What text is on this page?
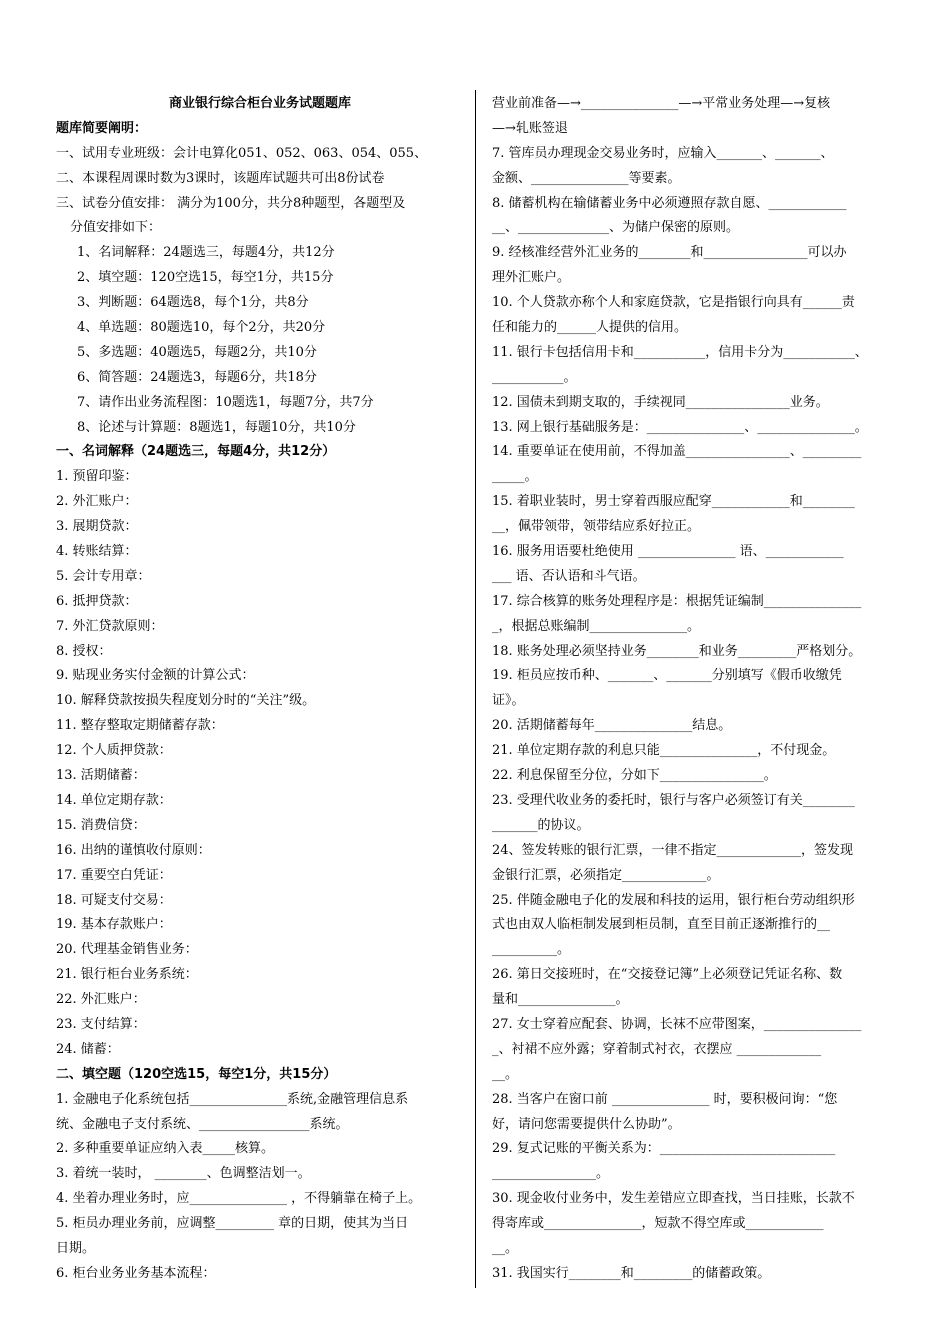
商业银行综合柜台业务试题题库
题库简要阐明：
一、试用专业班级：会计电算化051、052、063、054、055、
二、本课程周课时数为3课时，该题库试题共可出8份试卷
三、试卷分值安排： 满分为100分，共分8种题型，各题型及
分值安排如下：
1、名词解释：24题选三，每题4分，共12分
2、填空题：120空选15，每空1分，共15分
3、判断题：64题选8，每个1分，共8分
4、单选题：80题选10，每个2分，共20分
5、多选题：40题选5，每题2分，共10分
6、简答题：24题选3，每题6分，共18分
7、请作出业务流程图：10题选1，每题7分，共7分
8、论述与计算题：8题选1，每题10分，共10分
一、名词解释（24题选三，每题4分，共12分）
1. 预留印鉴：
2. 外汇账户：
3. 展期贷款：
4. 转账结算：
5. 会计专用章：
6. 抵押贷款：
7. 外汇贷款原则：
8. 授权：
9. 贴现业务实付金额的计算公式：
10. 解释贷款按损失程度划分时的“关注”级。
11. 整存整取定期储蓄存款：
12. 个人质押贷款：
13. 活期储蓄：
14. 单位定期存款：
15. 消费信贷：
16. 出纳的谨慎收付原则：
17. 重要空白凭证：
18. 可疑支付交易：
19. 基本存款账户：
20. 代理基金销售业务：
21. 银行柜台业务系统：
22. 外汇账户：
23. 支付结算：
24. 储蓄：
二、填空题（120空选15，每空1分，共15分）
1. 金融电子化系统包括_______________系统,金融管理信息系
统、金融电子支付系统、_________________系统。
2. 多种重要单证应纳入表_____核算。
3. 着统一装时， ________、色调整洁划一。
4. 坐着办理业务时，应_______________ ，不得躺靠在椅子上。
5. 柜员办理业务前，应调整_________ 章的日期，使其为当日
日期。
6. 柜台业务业务基本流程：
营业前准备—→_______________—→平常业务处理—→复核
—→轧账签退
7. 管库员办理现金交易业务时，应输入_______、_______、
金额、_______________等要素。
8. 储蓄机构在输储蓄业务中必须遵照存款自愿、____________
__、______________、为储户保密的原则。
9. 经核准经营外汇业务的________和________________可以办
理外汇账户。
10. 个人贷款亦称个人和家庭贷款，它是指银行向具有______责
任和能力的______人提供的信用。
11. 银行卡包括信用卡和___________，信用卡分为___________、
___________。
12. 国债未到期支取的，手续视同________________业务。
13. 网上银行基础服务是：_______________、_______________。
14. 重要单证在使用前，不得加盖________________、_________
_____。
15. 着职业装时，男士穿着西服应配穿____________和________
__，佩带领带，领带结应系好拉正。
16. 服务用语要杜绝使用 _______________ 语、____________
___ 语、否认语和斗气语。
17. 综合核算的账务处理程序是：根据凭证编制_______________
_，根据总账编制_______________。
18. 账务处理必须坚持业务________和业务_________严格划分。
19. 柜员应按币种、_______、_______分别填写《假币收缴凭
证》。
20. 活期储蓄每年_______________结息。
21. 单位定期存款的利息只能_______________，不付现金。
22. 利息保留至分位，分如下________________。
23. 受理代收业务的委托时，银行与客户必须签订有关________
_______的协议。
24、签发转账的银行汇票，一律不指定_____________，签发现
金银行汇票，必须指定_____________。
25. 伴随金融电子化的发展和科技的运用，银行柜台劳动组织形
式也由双人临柜制发展到柜员制，直至目前正逐渐推行的__
__________。
26. 第日交接班时，在“交接登记簿”上必须登记凭证名称、数
量和_______________。
27. 女士穿着应配套、协调，长袜不应带图案，_______________
_、衬裙不应外露；穿着制式衬衣，衣摆应 _____________
__。
28. 当客户在窗口前 _______________ 时，要积极问询：“您
好，请问您需要提供什么协助”。
29. 复式记账的平衡关系为：___________________________
________________。
30. 现金收付业务中，发生差错应立即查找，当日挂账，长款不
得寄库或_______________，短款不得空库或____________
__。
31. 我国实行________和_________的储蓄政策。
